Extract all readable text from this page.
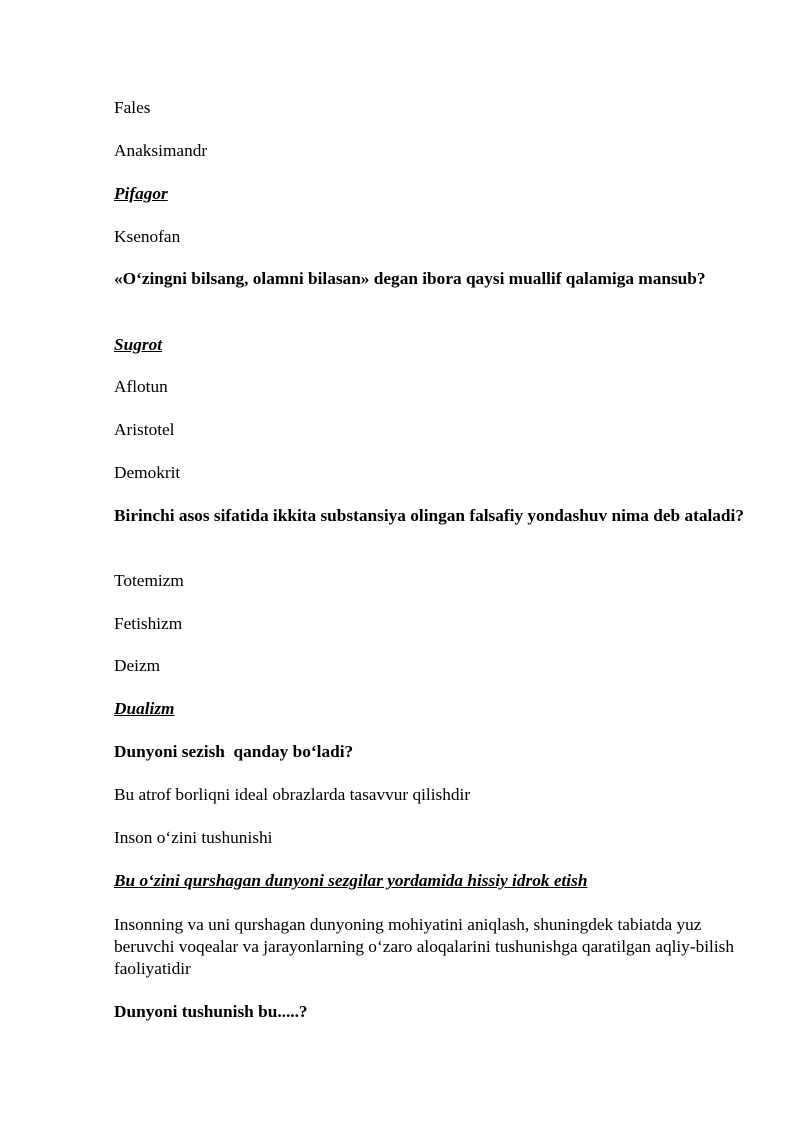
Fales
Anaksimandr
Pifagor
Ksenofan
«O‘zingni bilsang, olamni bilasan» degan ibora qaysi muallif qalamiga mansub?
Sugrot
Aflotun
Aristotel
Demokrit
Birinchi asos sifatida ikkita substansiya olingan falsafiy yondashuv nima deb ataladi?
Totemizm
Fetishizm
Deizm
Dualizm
Dunyoni sezish  qanday bo‘ladi?
Bu atrof borliqni ideal obrazlarda tasavvur qilishdir
Inson o‘zini tushunishi
Bu o‘zini qurshagan dunyoni sezgilar yordamida hissiy idrok etish
Insonning va uni qurshagan dunyoning mohiyatini aniqlash, shuningdek tabiatda yuz beruvchi voqealar va jarayonlarning o‘zaro aloqalarini tushunishga qaratilgan aqliy-bilish faoliyatidir
Dunyoni tushunish bu.....?
